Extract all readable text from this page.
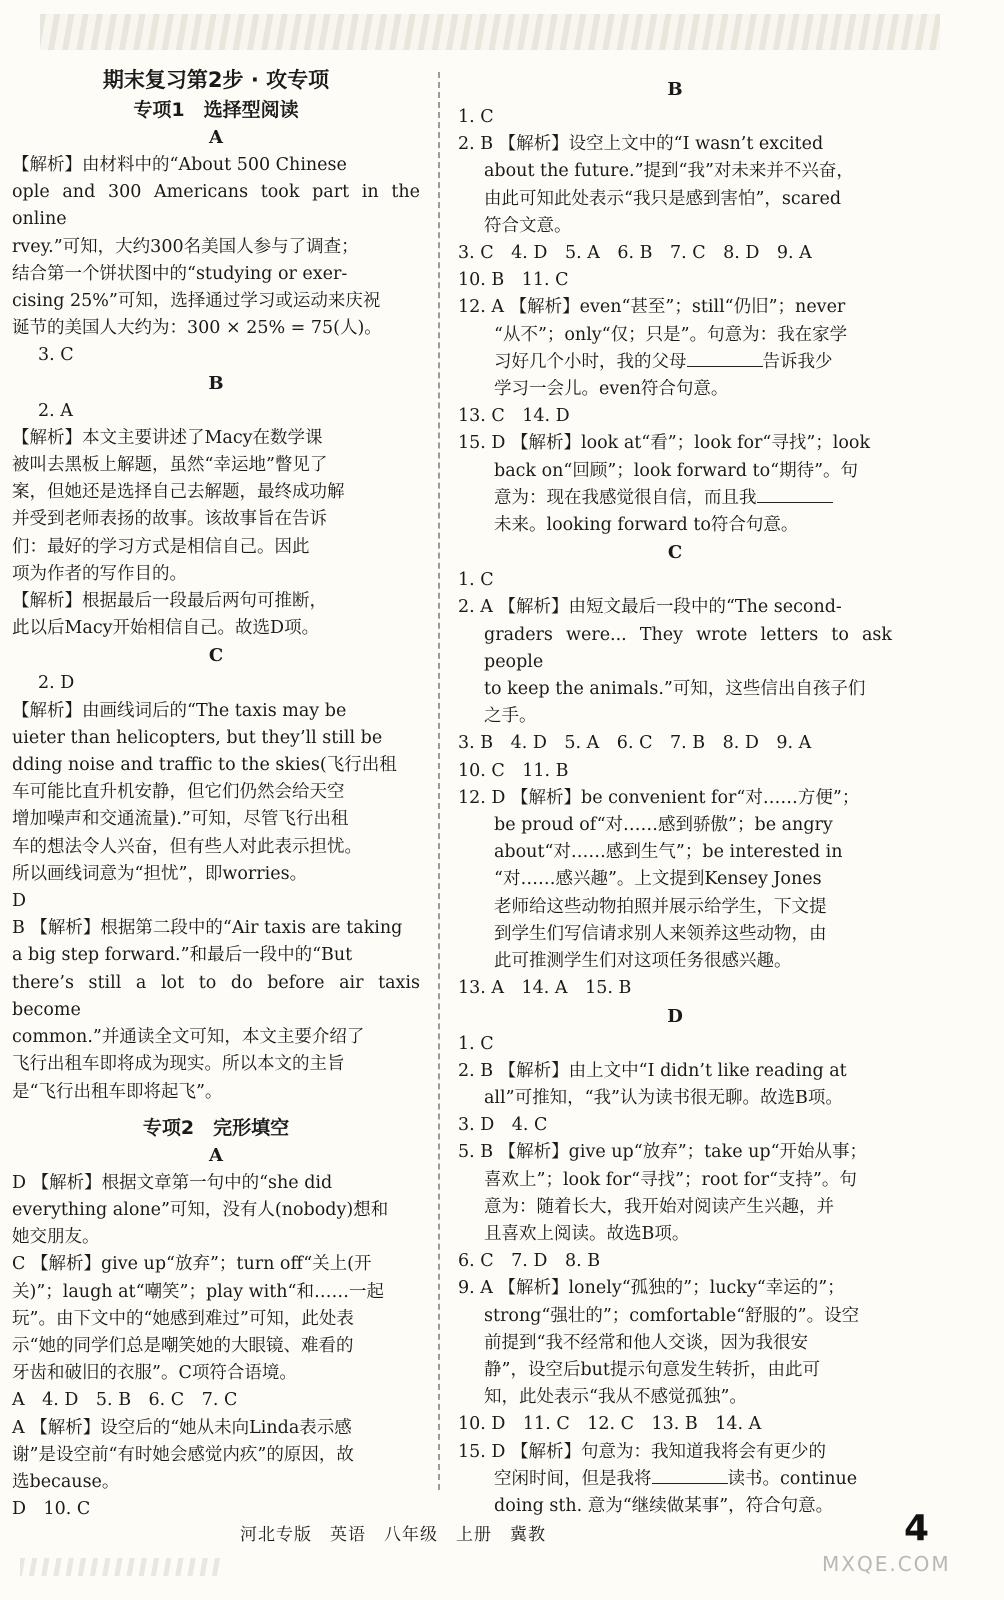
期末复习第2步 · 攻专项
专项1　选择型阅读
A

【解析】由材料中的“About 500 Chinese

ople and 300 Americans took part in the online

rvey.”可知，大约300名美国人参与了调查；

结合第一个饼状图中的“studying or exer-

cising 25%”可知，选择通过学习或运动来庆祝

诞节的美国人大约为：300 × 25% = 75(人)。

3. C

B

2. A

【解析】本文主要讲述了Macy在数学课

被叫去黑板上解题，虽然“幸运地”瞥见了

案，但她还是选择自己去解题，最终成功解

并受到老师表扬的故事。该故事旨在告诉

们：最好的学习方式是相信自己。因此

项为作者的写作目的。

【解析】根据最后一段最后两句可推断，

此以后Macy开始相信自己。故选D项。

C

2. D

【解析】由画线词后的“The taxis may be

uieter than helicopters, but they’ll still be

dding noise and traffic to the skies(飞行出租

车可能比直升机安静，但它们仍然会给天空

增加噪声和交通流量).”可知，尽管飞行出租

车的想法令人兴奋，但有些人对此表示担忧。

所以画线词意为“担忧”，即worries。

D

B 【解析】根据第二段中的“Air taxis are taking

a big step forward.”和最后一段中的“But

there’s still a lot to do before air taxis become

common.”并通读全文可知，本文主要介绍了

飞行出租车即将成为现实。所以本文的主旨

是“飞行出租车即将起飞”。

专项2　完形填空
A

D 【解析】根据文章第一句中的“she did

everything alone”可知，没有人(nobody)想和

她交朋友。

C 【解析】give up“放弃”；turn off“关上(开

关)”；laugh at“嘲笑”；play with“和……一起

玩”。由下文中的“她感到难过”可知，此处表

示“她的同学们总是嘲笑她的大眼镜、难看的

牙齿和破旧的衣服”。C项符合语境。

A　4. D　5. B　6. C　7. C

A 【解析】设空后的“她从未向Linda表示感

谢”是设空前“有时她会感觉内疚”的原因，故

选because。

D　10. C

B

1. C

2. B 【解析】设空上文中的“I wasn’t excited

about the future.”提到“我”对未来并不兴奋，

由此可知此处表示“我只是感到害怕”，scared

符合文意。

3. C　4. D　5. A　6. B　7. C　8. D　9. A

10. B　11. C

12. A 【解析】even“甚至”；still“仍旧”；never

“从不”；only“仅；只是”。句意为：我在家学

习好几个小时，我的父母	告诉我少

学习一会儿。even符合句意。

13. C　14. D

15. D 【解析】look at“看”；look for“寻找”；look

back on“回顾”；look forward to“期待”。句

意为：现在我感觉很自信，而且我

未来。looking forward to符合句意。

C

1. C

2. A 【解析】由短文最后一段中的“The second-

graders were... They wrote letters to ask people

to keep the animals.”可知，这些信出自孩子们

之手。

3. B　4. D　5. A　6. C　7. B　8. D　9. A

10. C　11. B

12. D 【解析】be convenient for“对……方便”；

be proud of“对……感到骄傲”；be angry

about“对……感到生气”；be interested in

“对……感兴趣”。上文提到Kensey Jones

老师给这些动物拍照并展示给学生，下文提

到学生们写信请求别人来领养这些动物，由

此可推测学生们对这项任务很感兴趣。

13. A　14. A　15. B

D

1. C

2. B 【解析】由上文中“I didn’t like reading at

all”可推知，“我”认为读书很无聊。故选B项。

3. D　4. C

5. B 【解析】give up“放弃”；take up“开始从事；

喜欢上”；look for“寻找”；root for“支持”。句

意为：随着长大，我开始对阅读产生兴趣，并

且喜欢上阅读。故选B项。

6. C　7. D　8. B

9. A 【解析】lonely“孤独的”；lucky“幸运的”；

strong“强壮的”；comfortable“舒服的”。设空

前提到“我不经常和他人交谈，因为我很安

静”，设空后but提示句意发生转折，由此可

知，此处表示“我从不感觉孤独”。

10. D　11. C　12. C　13. B　14. A

15. D 【解析】句意为：我知道我将会有更少的

空闲时间，但是我将	读书。continue

doing sth. 意为“继续做某事”，符合句意。

河北专版　英语　八年级　上册　冀教	4
MXQE.COM
